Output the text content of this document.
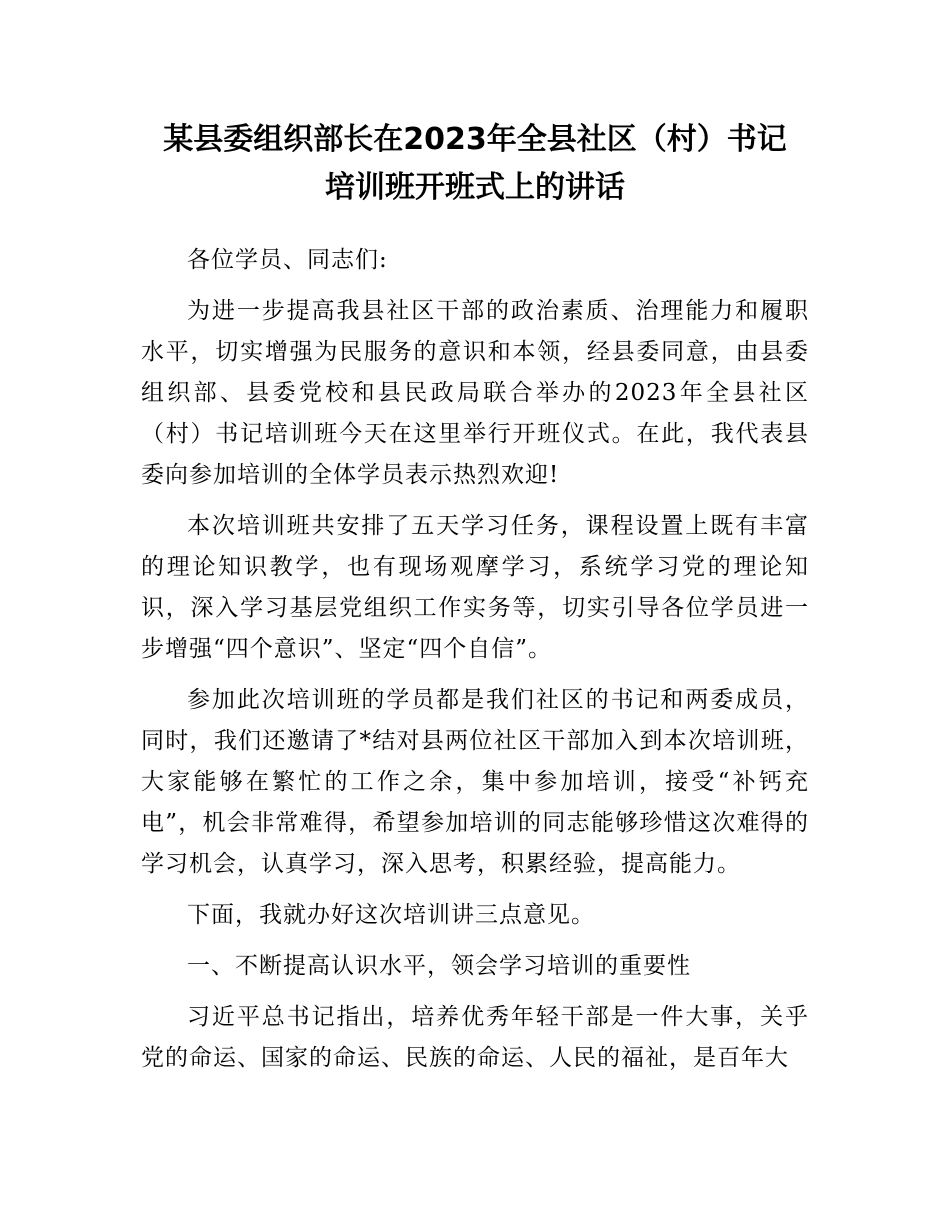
某县委组织部长在2023年全县社区（村）书记
培训班开班式上的讲话

各位学员、同志们:

为进一步提高我县社区干部的政治素质、治理能力和履职水平，切实增强为民服务的意识和本领，经县委同意，由县委组织部、县委党校和县民政局联合举办的2023年全县社区（村）书记培训班今天在这里举行开班仪式。在此，我代表县委向参加培训的全体学员表示热烈欢迎!

本次培训班共安排了五天学习任务，课程设置上既有丰富的理论知识教学，也有现场观摩学习，系统学习党的理论知识，深入学习基层党组织工作实务等，切实引导各位学员进一步增强“四个意识”、坚定“四个自信”。

参加此次培训班的学员都是我们社区的书记和两委成员，同时，我们还邀请了*结对县两位社区干部加入到本次培训班，大家能够在繁忙的工作之余，集中参加培训，接受“补钙充电”，机会非常难得，希望参加培训的同志能够珍惜这次难得的学习机会，认真学习，深入思考，积累经验，提高能力。

下面，我就办好这次培训讲三点意见。

一、不断提高认识水平，领会学习培训的重要性

习近平总书记指出，培养优秀年轻干部是一件大事，关乎党的命运、国家的命运、民族的命运、人民的福祉，是百年大
